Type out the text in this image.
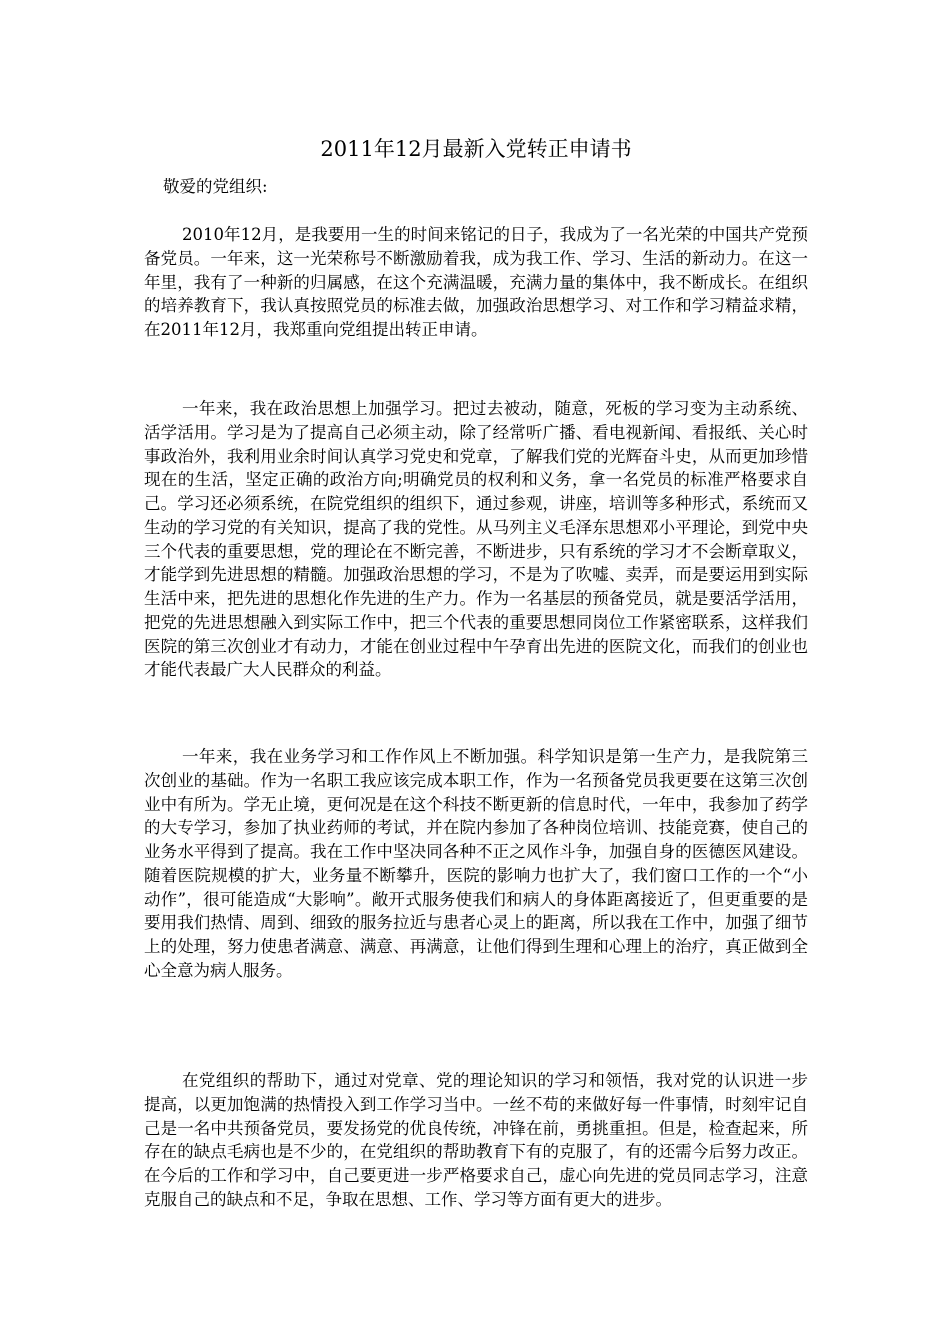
2011年12月最新入党转正申请书
敬爱的党组织:

2010年12月，是我要用一生的时间来铭记的日子，我成为了一名光荣的中国共产党预备党员。一年来，这一光荣称号不断激励着我，成为我工作、学习、生活的新动力。在这一年里，我有了一种新的归属感，在这个充满温暖，充满力量的集体中，我不断成长。在组织的培养教育下，我认真按照党员的标准去做，加强政治思想学习、对工作和学习精益求精，在2011年12月，我郑重向党组提出转正申请。

一年来，我在政治思想上加强学习。把过去被动，随意，死板的学习变为主动系统、活学活用。学习是为了提高自己必须主动，除了经常听广播、看电视新闻、看报纸、关心时事政治外，我利用业余时间认真学习党史和党章，了解我们党的光辉奋斗史，从而更加珍惜现在的生活，坚定正确的政治方向;明确党员的权利和义务，拿一名党员的标准严格要求自己。学习还必须系统，在院党组织的组织下，通过参观，讲座，培训等多种形式，系统而又生动的学习党的有关知识，提高了我的党性。从马列主义毛泽东思想邓小平理论，到党中央三个代表的重要思想，党的理论在不断完善，不断进步，只有系统的学习才不会断章取义，才能学到先进思想的精髓。加强政治思想的学习，不是为了吹嘘、卖弄，而是要运用到实际生活中来，把先进的思想化作先进的生产力。作为一名基层的预备党员，就是要活学活用，把党的先进思想融入到实际工作中，把三个代表的重要思想同岗位工作紧密联系，这样我们医院的第三次创业才有动力，才能在创业过程中午孕育出先进的医院文化，而我们的创业也才能代表最广大人民群众的利益。

一年来，我在业务学习和工作作风上不断加强。科学知识是第一生产力，是我院第三次创业的基础。作为一名职工我应该完成本职工作，作为一名预备党员我更要在这第三次创业中有所为。学无止境，更何况是在这个科技不断更新的信息时代，一年中，我参加了药学的大专学习，参加了执业药师的考试，并在院内参加了各种岗位培训、技能竞赛，使自己的业务水平得到了提高。我在工作中坚决同各种不正之风作斗争，加强自身的医德医风建设。随着医院规模的扩大，业务量不断攀升，医院的影响力也扩大了，我们窗口工作的一个“小动作”，很可能造成“大影响”。敞开式服务使我们和病人的身体距离接近了，但更重要的是要用我们热情、周到、细致的服务拉近与患者心灵上的距离，所以我在工作中，加强了细节上的处理，努力使患者满意、满意、再满意，让他们得到生理和心理上的治疗，真正做到全心全意为病人服务。

在党组织的帮助下，通过对党章、党的理论知识的学习和领悟，我对党的认识进一步提高，以更加饱满的热情投入到工作学习当中。一丝不苟的来做好每一件事情，时刻牢记自己是一名中共预备党员，要发扬党的优良传统，冲锋在前，勇挑重担。但是，检查起来，所存在的缺点毛病也是不少的，在党组织的帮助教育下有的克服了，有的还需今后努力改正。在今后的工作和学习中，自己要更进一步严格要求自己，虚心向先进的党员同志学习，注意克服自己的缺点和不足，争取在思想、工作、学习等方面有更大的进步。
